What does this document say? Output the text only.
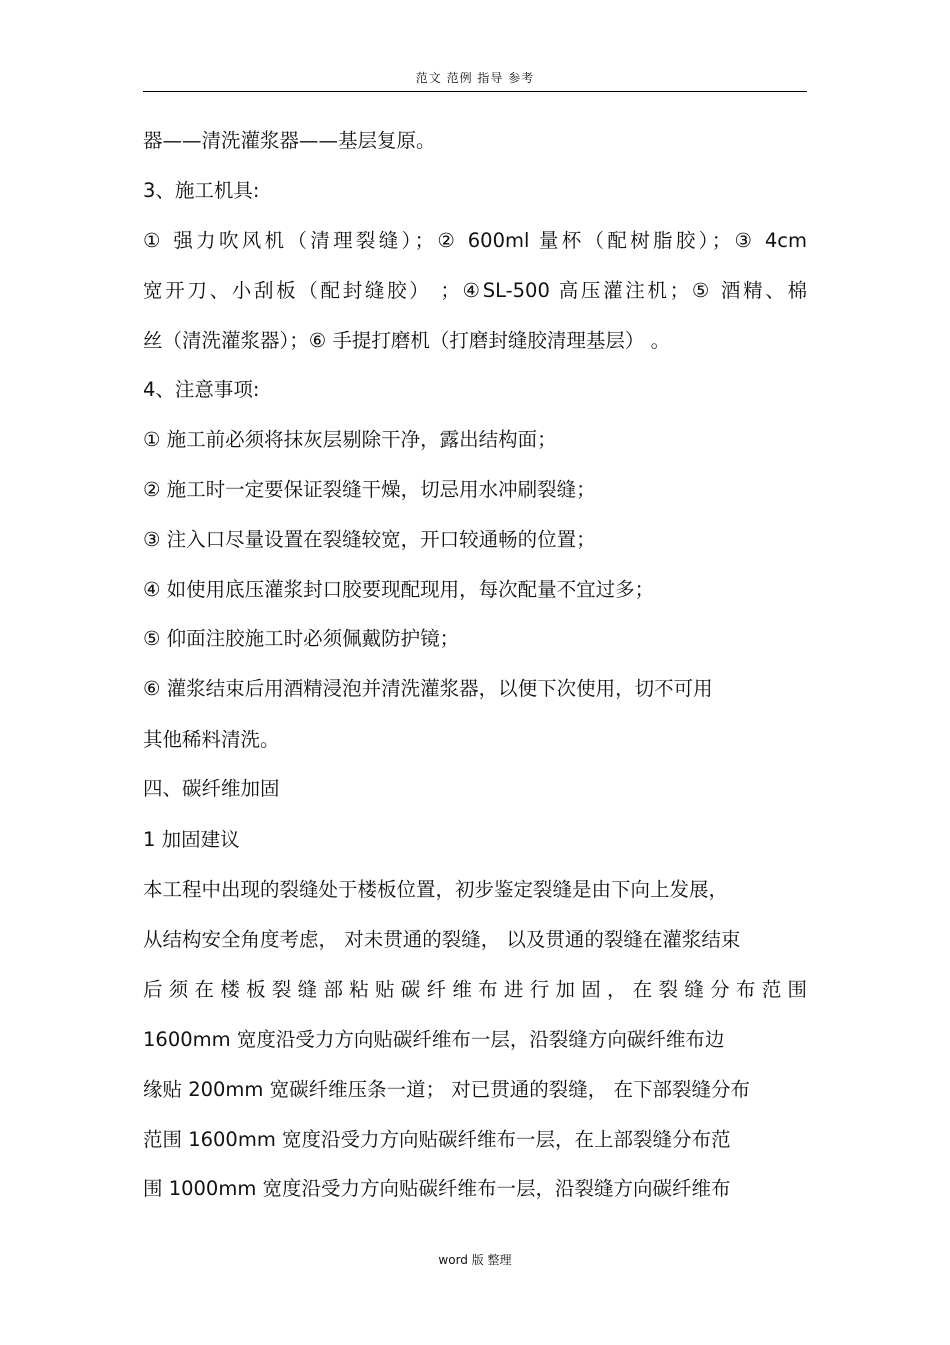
范文 范例 指导 参考
器——清洗灌浆器——基层复原。
3、施工机具:
① 强力吹风机（清理裂缝）；② 600ml 量杯（配树脂胶）；③ 4cm
宽开刀、小刮板（配封缝胶） ；④SL-500 高压灌注机；⑤ 酒精、棉
丝（清洗灌浆器）；⑥ 手提打磨机（打磨封缝胶清理基层） 。
4、注意事项:
① 施工前必须将抹灰层剔除干净，露出结构面；
② 施工时一定要保证裂缝干燥，切忌用水冲刷裂缝；
③ 注入口尽量设置在裂缝较宽，开口较通畅的位置；
④ 如使用底压灌浆封口胶要现配现用，每次配量不宜过多；
⑤ 仰面注胶施工时必须佩戴防护镜；
⑥ 灌浆结束后用酒精浸泡并清洗灌浆器，以便下次使用，切不可用
其他稀料清洗。
四、碳纤维加固
1 加固建议
本工程中出现的裂缝处于楼板位置，初步鉴定裂缝是由下向上发展，
从结构安全角度考虑， 对未贯通的裂缝， 以及贯通的裂缝在灌浆结束
后须在楼板裂缝部粘贴碳纤维布进行加固，在裂缝分布范围
1600mm 宽度沿受力方向贴碳纤维布一层，沿裂缝方向碳纤维布边
缘贴 200mm 宽碳纤维压条一道； 对已贯通的裂缝， 在下部裂缝分布
范围 1600mm 宽度沿受力方向贴碳纤维布一层，在上部裂缝分布范
围 1000mm 宽度沿受力方向贴碳纤维布一层，沿裂缝方向碳纤维布
word 版 整理
